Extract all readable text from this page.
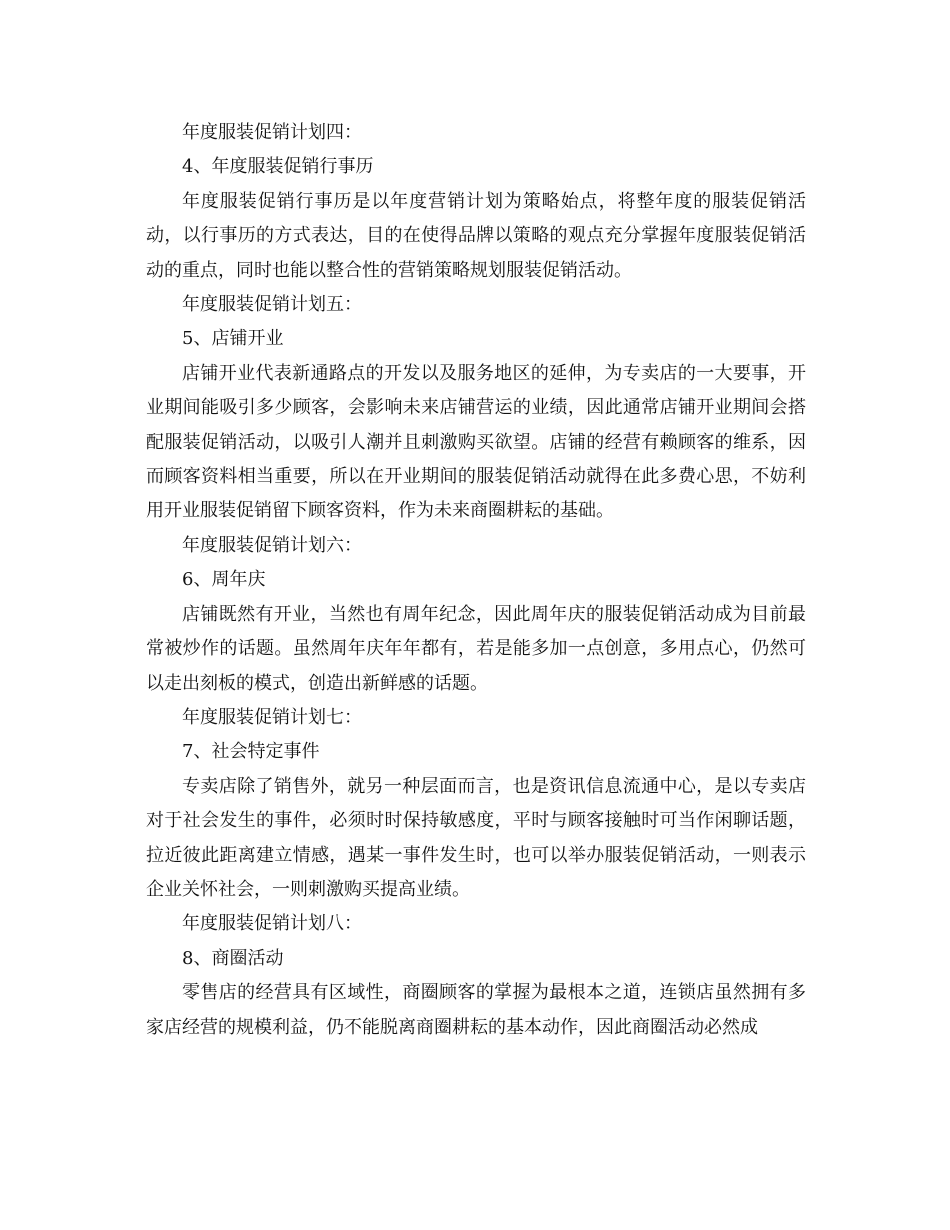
年度服装促销计划四：

4、年度服装促销行事历

年度服装促销行事历是以年度营销计划为策略始点，将整年度的服装促销活动，以行事历的方式表达，目的在使得品牌以策略的观点充分掌握年度服装促销活动的重点，同时也能以整合性的营销策略规划服装促销活动。

年度服装促销计划五：

5、店铺开业

店铺开业代表新通路点的开发以及服务地区的延伸，为专卖店的一大要事，开业期间能吸引多少顾客，会影响未来店铺营运的业绩，因此通常店铺开业期间会搭配服装促销活动，以吸引人潮并且刺激购买欲望。店铺的经营有赖顾客的维系，因而顾客资料相当重要，所以在开业期间的服装促销活动就得在此多费心思，不妨利用开业服装促销留下顾客资料，作为未来商圈耕耘的基础。

年度服装促销计划六：

6、周年庆

店铺既然有开业，当然也有周年纪念，因此周年庆的服装促销活动成为目前最常被炒作的话题。虽然周年庆年年都有，若是能多加一点创意，多用点心，仍然可以走出刻板的模式，创造出新鲜感的话题。

年度服装促销计划七：

7、社会特定事件

专卖店除了销售外，就另一种层面而言，也是资讯信息流通中心，是以专卖店对于社会发生的事件，必须时时保持敏感度，平时与顾客接触时可当作闲聊话题，拉近彼此距离建立情感，遇某一事件发生时，也可以举办服装促销活动，一则表示企业关怀社会，一则刺激购买提高业绩。

年度服装促销计划八：

8、商圈活动

零售店的经营具有区域性，商圈顾客的掌握为最根本之道，连锁店虽然拥有多家店经营的规模利益，仍不能脱离商圈耕耘的基本动作，因此商圈活动必然成
